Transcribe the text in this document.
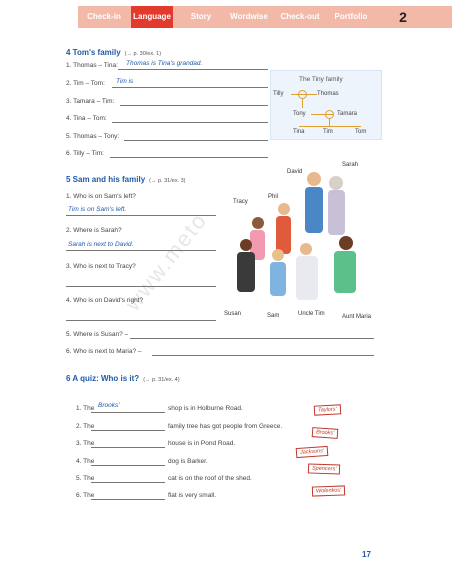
Check-in	Language	Story	Wordwise	Check-out	Portfolio	2
4 Tom's family (→ p. 30/ex. 1)
1. Thomas – Tina: Thomas is Tina's grandad.
2. Tim – Tom: Tim is
3. Tamara – Tim:
4. Tina – Tom:
5. Thomas – Tony:
6. Tilly – Tim:
The Tiny family
Tilly	Thomas
Tony	Tamara
Tina	Tim	Tom
5 Sam and his family (→ p. 31/ex. 3)
1. Who is on Sam's left?
Tim is on Sam's left.
2. Where is Sarah?
Sarah is next to David.
3. Who is next to Tracy?
4. Who is on David's right?
5. Where is Susan? –
6. Who is next to Maria? –
Sarah
David
Phil
Tracy
Susan	Sam	Uncle Tim	Aunt Maria
6 A quiz: Who is it? (→ p. 31/ex. 4)
1. The Brooks'	shop is in Holburne Road.
2. The	family tree has got people from Greece.
3. The	house is in Pond Road.
4. The	dog is Barker.
5. The	cat is on the roof of the shed.
6. The	flat is very small.
Taylors'
Brooks'
Jacksons'
Spencers'
Wolenkos'
www.meto
17
